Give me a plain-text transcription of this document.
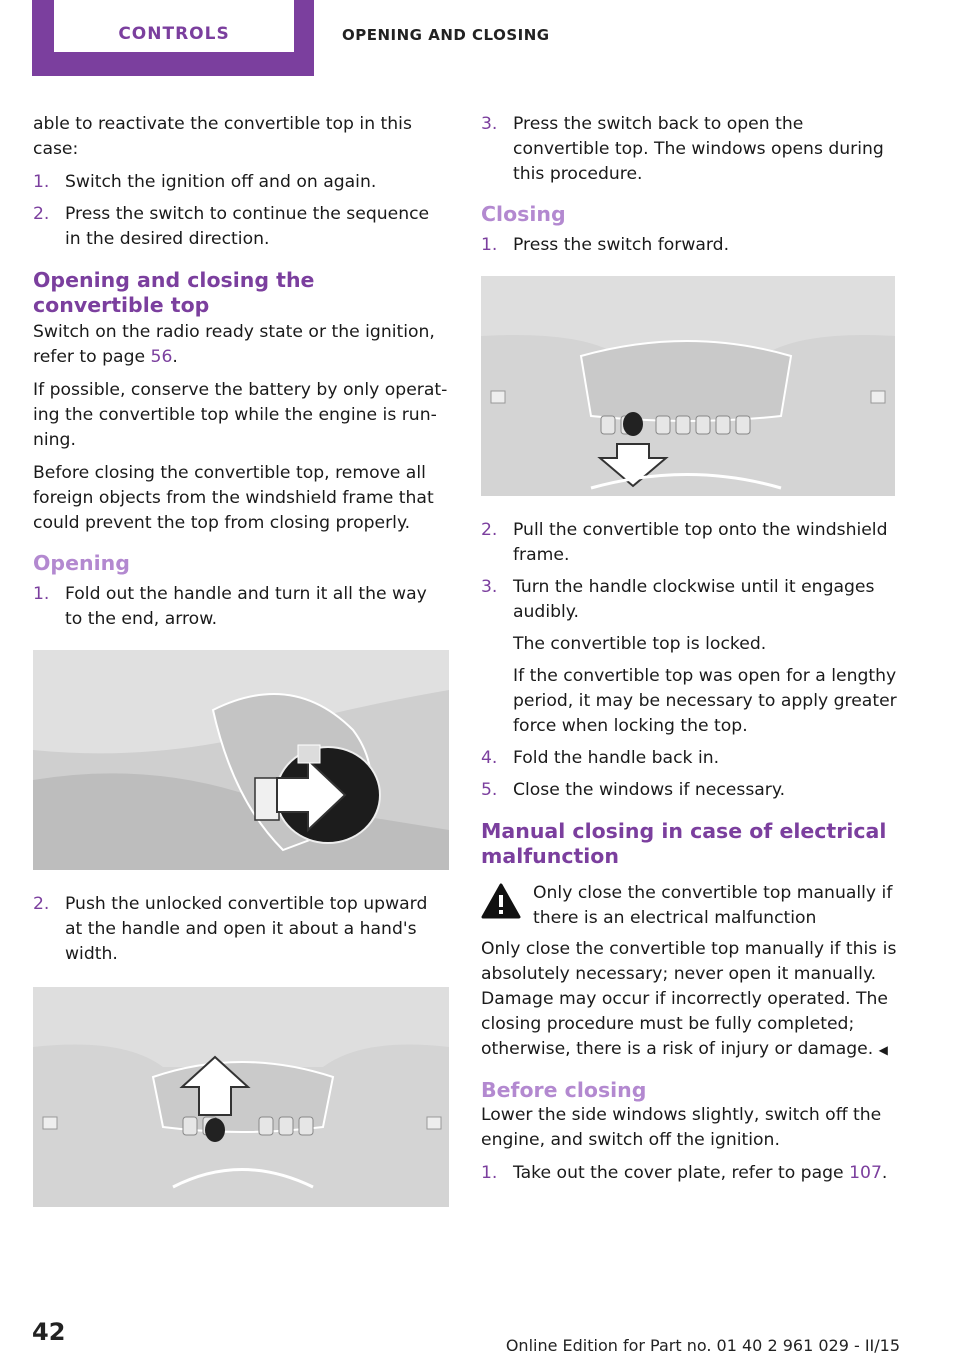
CONTROLS	OPENING AND CLOSING

able to reactivate the convertible top in this case:

1. Switch the ignition off and on again.
2. Press the switch to continue the sequence in the desired direction.
Opening and closing the convertible top

Switch on the radio ready state or the ignition, refer to page 56.

If possible, conserve the battery by only operating the convertible top while the engine is running.

Before closing the convertible top, remove all foreign objects from the windshield frame that could prevent the top from closing properly.

Opening
1. Fold out the handle and turn it all the way to the end, arrow.
2. Push the unlocked convertible top upward at the handle and open it about a hand's width.
3. Press the switch back to open the convertible top. The windows opens during this procedure.
Closing
1. Press the switch forward.
2. Pull the convertible top onto the windshield frame.
3. Turn the handle clockwise until it engages audibly.
The convertible top is locked.
If the convertible top was open for a lengthy period, it may be necessary to apply greater force when locking the top.
4. Fold the handle back in.
5. Close the windows if necessary.
Manual closing in case of electrical malfunction
Only close the convertible top manually if there is an electrical malfunction

Only close the convertible top manually if this is absolutely necessary; never open it manually. Damage may occur if incorrectly operated. The closing procedure must be fully completed; otherwise, there is a risk of injury or damage. ◀

Before closing

Lower the side windows slightly, switch off the engine, and switch off the ignition.

1. Take out the cover plate, refer to page 107.
42	Online Edition for Part no. 01 40 2 961 029 - II/15
